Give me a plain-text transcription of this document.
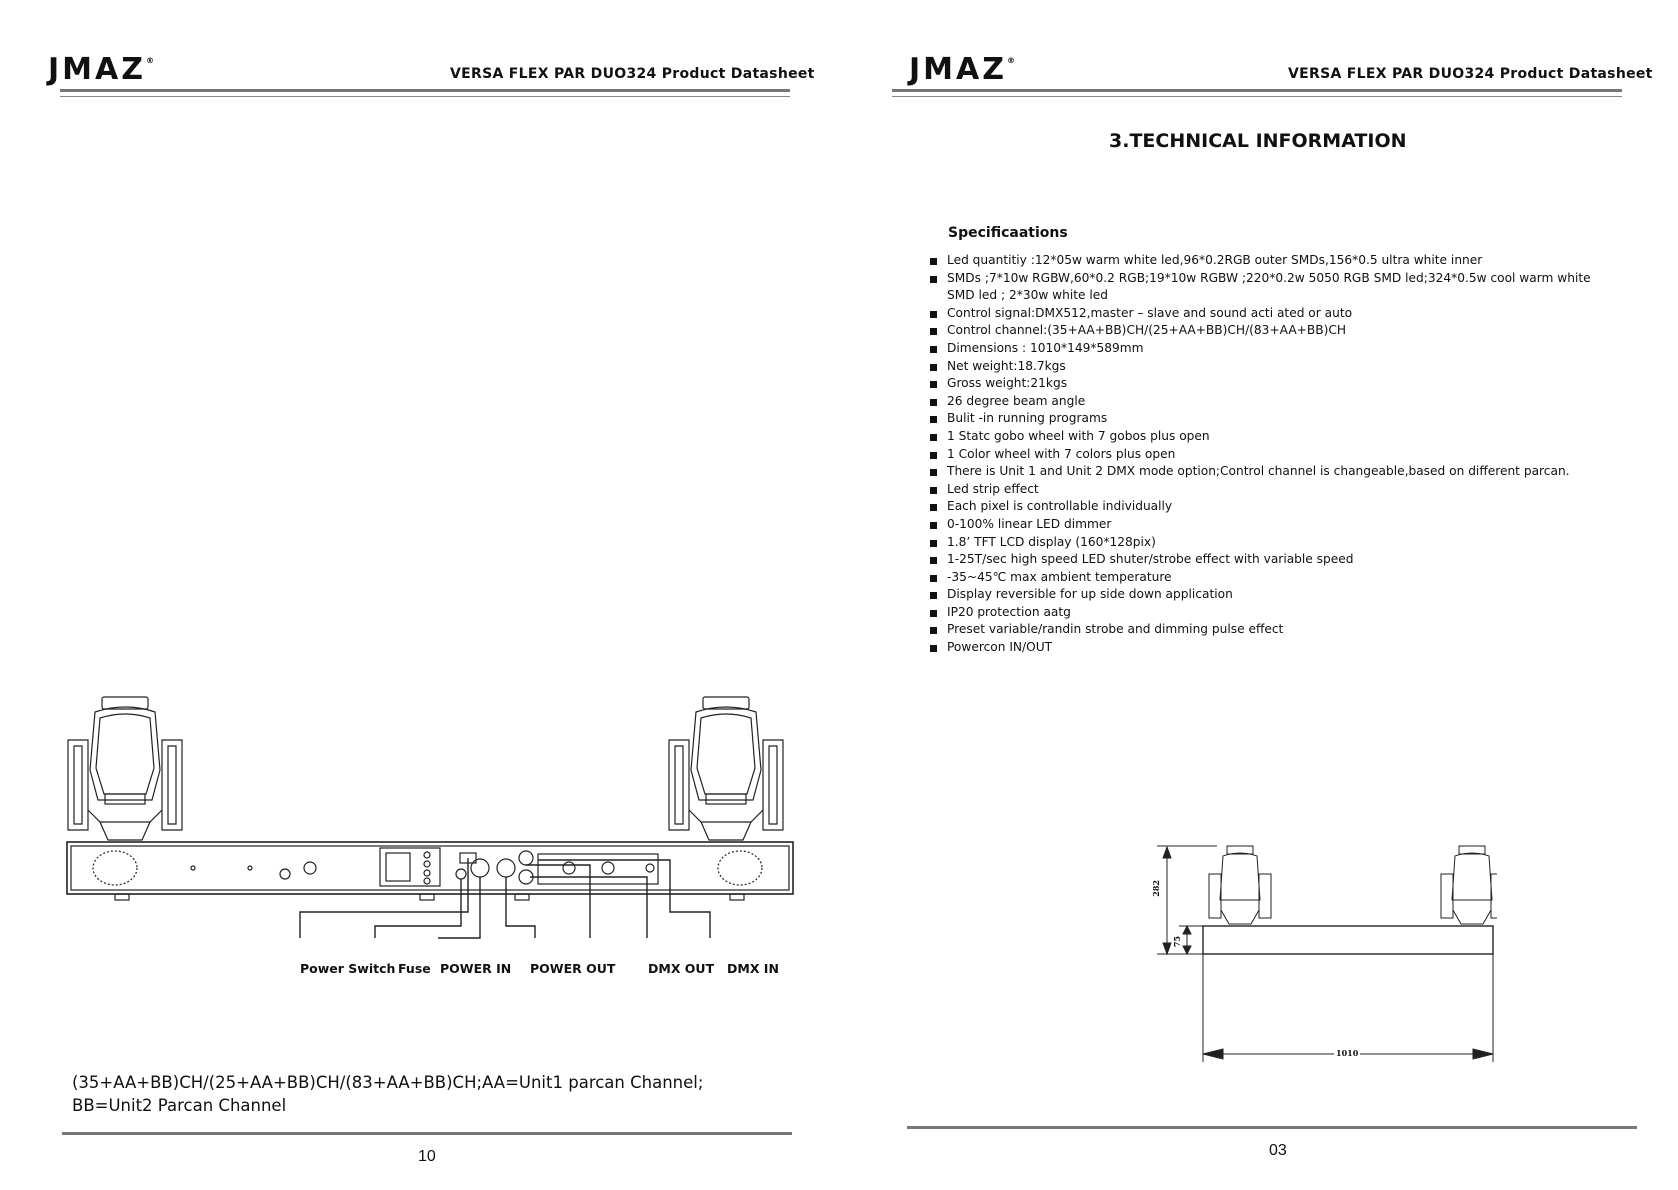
JMAZ®
VERSA FLEX PAR DUO324 Product Datasheet
Power Switch Fuse POWER IN POWER OUT	DMX OUT DMX IN
(35+AA+BB)CH/(25+AA+BB)CH/(83+AA+BB)CH;AA=Unit1 parcan Channel;
BB=Unit2 Parcan Channel
10
JMAZ®
VERSA FLEX PAR DUO324 Product Datasheet
3.TECHNICAL INFORMATION
Specificaations
Led quantitiy :12*05w warm white led,96*0.2RGB outer SMDs,156*0.5 ultra white inner
SMDs ;7*10w RGBW,60*0.2 RGB;19*10w RGBW ;220*0.2w 5050 RGB SMD led;324*0.5w cool warm white SMD led ; 2*30w white led
Control signal:DMX512,master – slave and sound acti ated or auto
Control channel:(35+AA+BB)CH/(25+AA+BB)CH/(83+AA+BB)CH
Dimensions : 1010*149*589mm
Net weight:18.7kgs
Gross weight:21kgs
26 degree beam angle
Bulit -in running programs
1 Statc gobo wheel with 7 gobos plus open
1 Color wheel with 7 colors plus open
There is Unit 1 and Unit 2 DMX mode option;Control channel is changeable,based on different parcan.
Led strip effect
Each pixel is controllable individually
0-100% linear LED dimmer
1.8’ TFT LCD display (160*128pix)
1-25T/sec high speed LED shuter/strobe effect with variable speed
-35~45℃ max ambient temperature
Display reversible for up side down application
IP20 protection aatg
Preset variable/randin strobe and dimming pulse effect
Powercon IN/OUT
282
75
1010
03
